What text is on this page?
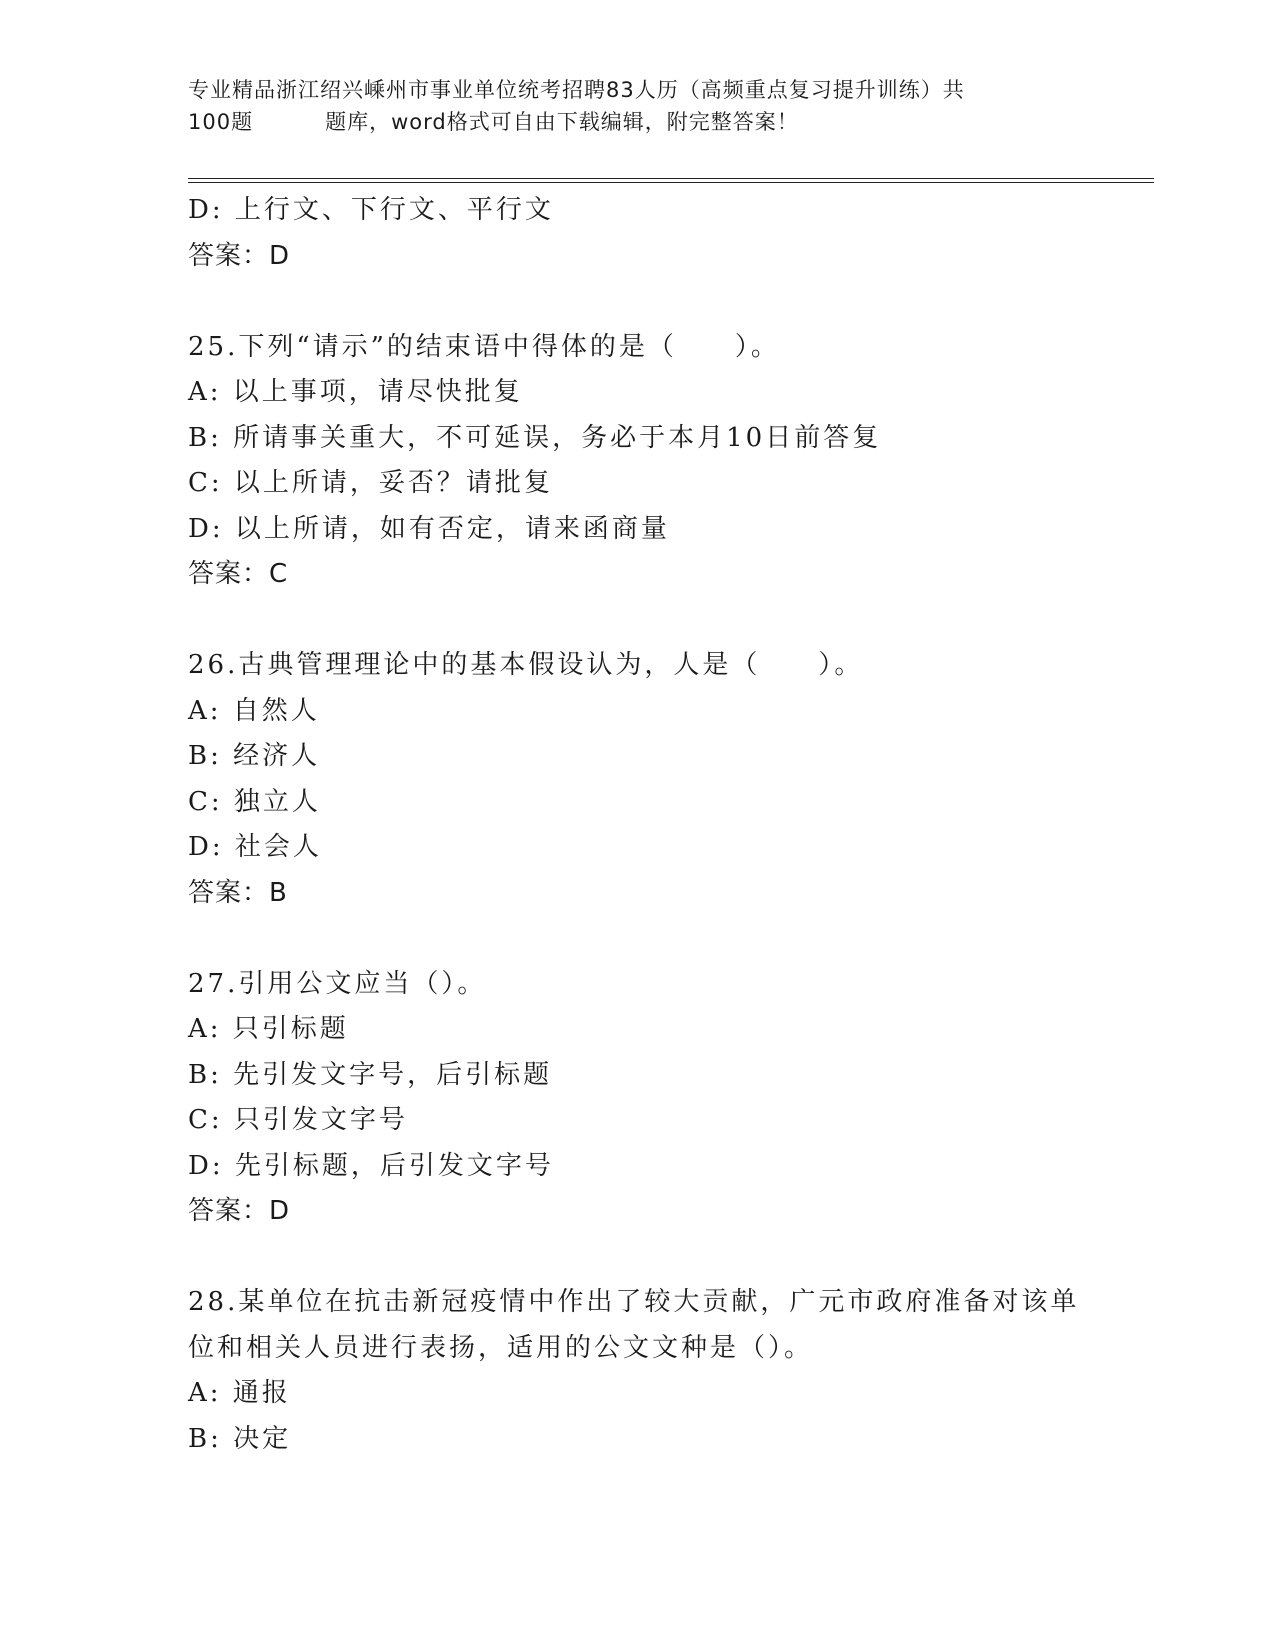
专业精品浙江绍兴嵊州市事业单位统考招聘83人历（高频重点复习提升训练）共
100题	题库，word格式可自由下载编辑，附完整答案！
D: 上行文、下行文、平行文
答案：D
25.下列“请示”的结束语中得体的是（　　）。
A: 以上事项，请尽快批复
B: 所请事关重大，不可延误，务必于本月10日前答复
C: 以上所请，妥否？请批复
D: 以上所请，如有否定，请来函商量
答案：C
26.古典管理理论中的基本假设认为，人是（　　）。
A: 自然人
B: 经济人
C: 独立人
D: 社会人
答案：B
27.引用公文应当（）。
A: 只引标题
B: 先引发文字号，后引标题
C: 只引发文字号
D: 先引标题，后引发文字号
答案：D
28.某单位在抗击新冠疫情中作出了较大贡献，广元市政府准备对该单
位和相关人员进行表扬，适用的公文文种是（）。
A: 通报
B: 决定
